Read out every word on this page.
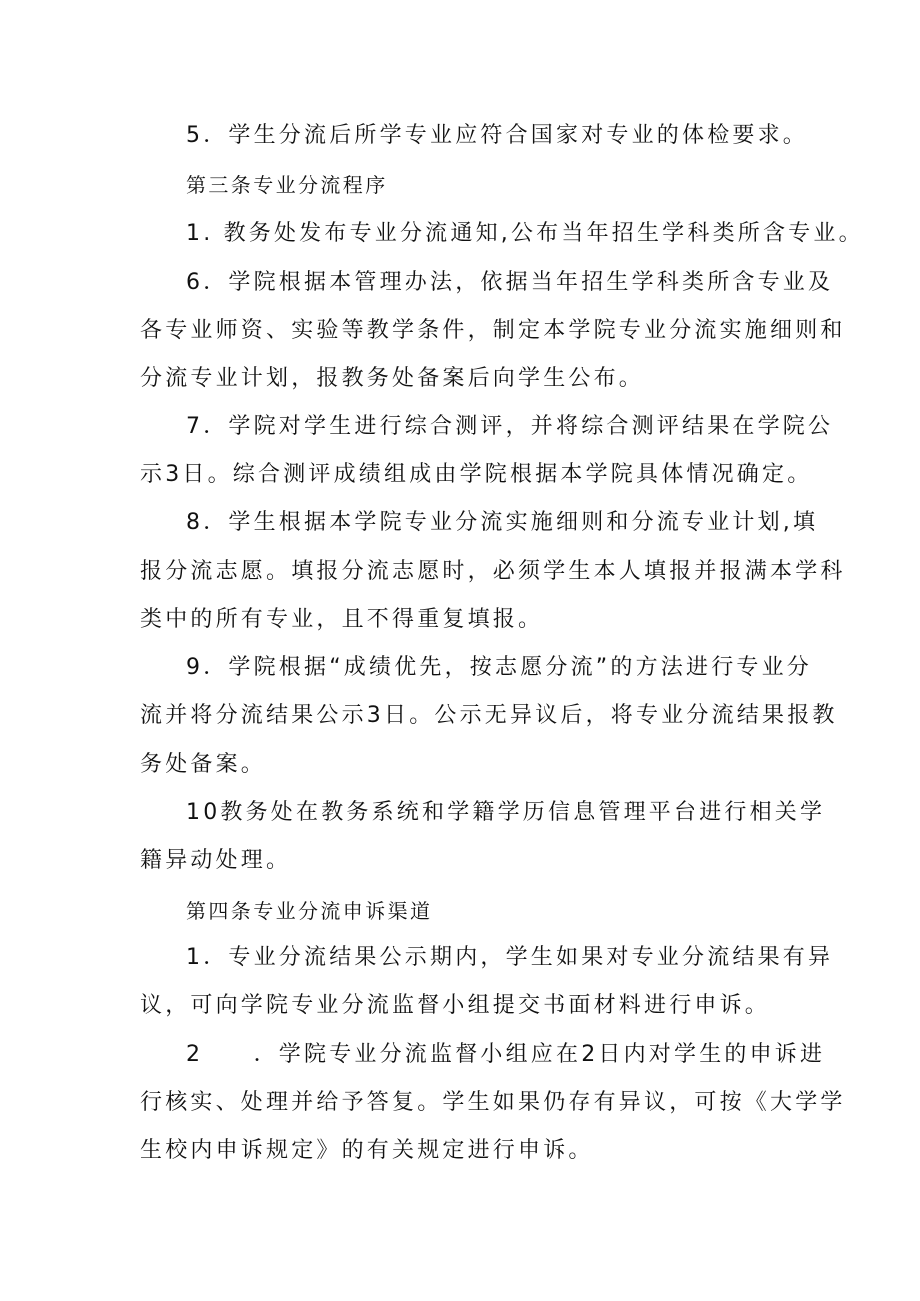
5．学生分流后所学专业应符合国家对专业的体检要求。
第三条专业分流程序
1. 教务处发布专业分流通知,公布当年招生学科类所含专业。
6．学院根据本管理办法，依据当年招生学科类所含专业及
各专业师资、实验等教学条件，制定本学院专业分流实施细则和
分流专业计划，报教务处备案后向学生公布。
7．学院对学生进行综合测评，并将综合测评结果在学院公
示3日。综合测评成绩组成由学院根据本学院具体情况确定。
8．学生根据本学院专业分流实施细则和分流专业计划,填
报分流志愿。填报分流志愿时，必须学生本人填报并报满本学科
类中的所有专业，且不得重复填报。
9．学院根据“成绩优先，按志愿分流”的方法进行专业分
流并将分流结果公示3日。公示无异议后，将专业分流结果报教
务处备案。
10教务处在教务系统和学籍学历信息管理平台进行相关学
籍异动处理。
第四条专业分流申诉渠道
1．专业分流结果公示期内，学生如果对专业分流结果有异
议，可向学院专业分流监督小组提交书面材料进行申诉。
2　　．学院专业分流监督小组应在2日内对学生的申诉进
行核实、处理并给予答复。学生如果仍存有异议，可按《大学学
生校内申诉规定》的有关规定进行申诉。
